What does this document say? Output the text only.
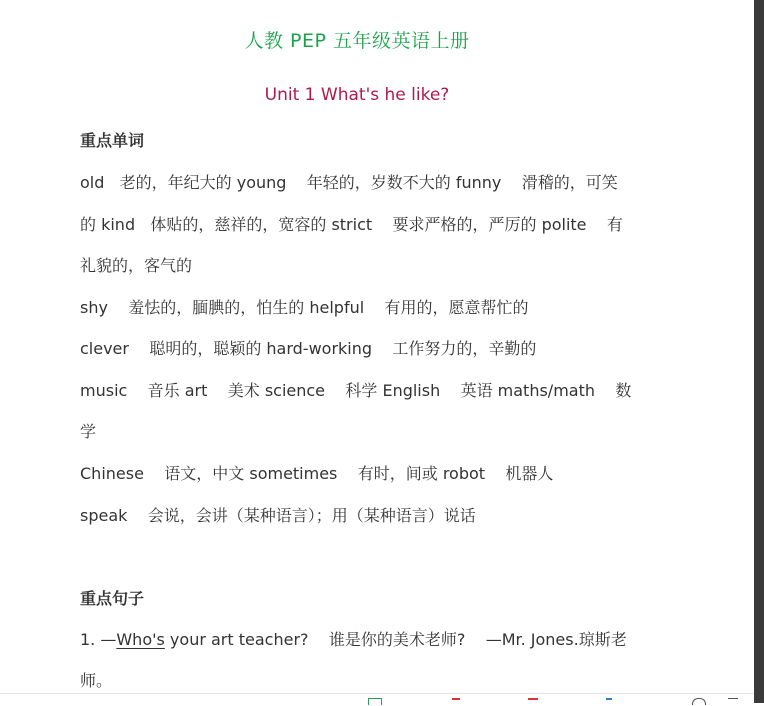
人教 PEP 五年级英语上册
Unit 1 What's he like?
重点单词
old   老的，年纪大的 young    年轻的，岁数不大的 funny    滑稽的，可笑
的 kind   体贴的，慈祥的，宽容的 strict    要求严格的，严厉的 polite    有
礼貌的，客气的
shy    羞怯的，腼腆的，怕生的 helpful    有用的，愿意帮忙的
clever    聪明的，聪颖的 hard-working    工作努力的，辛勤的
music    音乐 art    美术 science    科学 English    英语 maths/math    数
学
Chinese    语文，中文 sometimes    有时，间或 robot    机器人
speak    会说，会讲（某种语言）；用（某种语言）说话
重点句子
1. —Who's your art teacher?    谁是你的美术老师?    —Mr. Jones.琼斯老
师。
